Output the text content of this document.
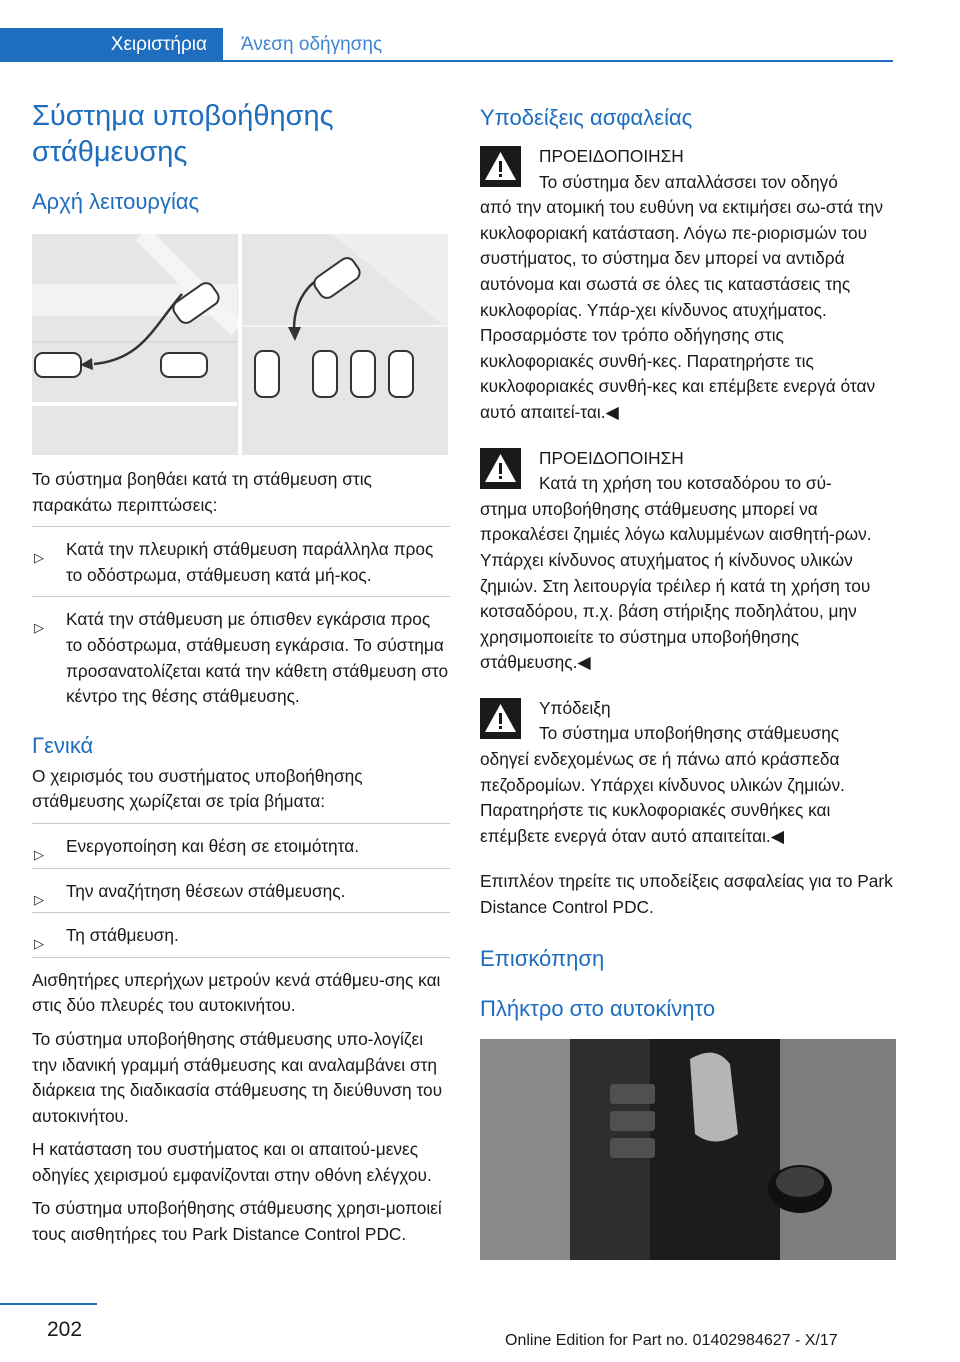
Χειριστήρια	Άνεση οδήγησης
Σύστημα υποβοήθησης στάθμευσης
Αρχή λειτουργίας

Το σύστημα βοηθάει κατά τη στάθμευση στις παρακάτω περιπτώσεις:

▷ Κατά την πλευρική στάθμευση παράλληλα προς το οδόστρωμα, στάθμευση κατά μή-κος.
▷ Κατά την στάθμευση με όπισθεν εγκάρσια προς το οδόστρωμα, στάθμευση εγκάρσια. Το σύστημα προσανατολίζεται κατά την κάθετη στάθμευση στο κέντρο της θέσης στάθμευσης.
Γενικά

Ο χειρισμός του συστήματος υποβοήθησης στάθμευσης χωρίζεται σε τρία βήματα:

▷ Ενεργοποίηση και θέση σε ετοιμότητα.
▷ Την αναζήτηση θέσεων στάθμευσης.
▷ Τη στάθμευση.

Αισθητήρες υπερήχων μετρούν κενά στάθμευ-σης και στις δύο πλευρές του αυτοκινήτου.

Το σύστημα υποβοήθησης στάθμευσης υπο-λογίζει την ιδανική γραμμή στάθμευσης και αναλαμβάνει στη διάρκεια της διαδικασία στάθμευσης τη διεύθυνση του αυτοκινήτου.

Η κατάσταση του συστήματος και οι απαιτού-μενες οδηγίες χειρισμού εμφανίζονται στην οθόνη ελέγχου.

Το σύστημα υποβοήθησης στάθμευσης χρησι-μοποιεί τους αισθητήρες του Park Distance Control PDC.

Υποδείξεις ασφαλείας
ΠΡΟΕΙΔΟΠΟΙΗΣΗ
Το σύστημα δεν απαλλάσσει τον οδηγό

από την ατομική του ευθύνη να εκτιμήσει σω-στά την κυκλοφοριακή κατάσταση. Λόγω πε-ριορισμών του συστήματος, το σύστημα δεν μπορεί να αντιδρά αυτόνομα και σωστά σε όλες τις καταστάσεις της κυκλοφορίας. Υπάρ-χει κίνδυνος ατυχήματος. Προσαρμόστε τον τρόπο οδήγησης στις κυκλοφοριακές συνθή-κες. Παρατηρήστε τις κυκλοφοριακές συνθή-κες και επέμβετε ενεργά όταν αυτό απαιτεί-ται.◀

ΠΡΟΕΙΔΟΠΟΙΗΣΗ
Κατά τη χρήση του κοτσαδόρου το σύ-

στημα υποβοήθησης στάθμευσης μπορεί να προκαλέσει ζημιές λόγω καλυμμένων αισθητή-ρων. Υπάρχει κίνδυνος ατυχήματος ή κίνδυνος υλικών ζημιών. Στη λειτουργία τρέιλερ ή κατά τη χρήση του κοτσαδόρου, π.χ. βάση στήριξης ποδηλάτου, μην χρησιμοποιείτε το σύστημα υποβοήθησης στάθμευσης.◀

Υπόδειξη
Το σύστημα υποβοήθησης στάθμευσης

οδηγεί ενδεχομένως σε ή πάνω από κράσπεδα πεζοδρομίων. Υπάρχει κίνδυνος υλικών ζημιών. Παρατηρήστε τις κυκλοφοριακές συνθήκες και επέμβετε ενεργά όταν αυτό απαιτείται.◀

Επιπλέον τηρείτε τις υποδείξεις ασφαλείας για το Park Distance Control PDC.

Επισκόπηση
Πλήκτρο στο αυτοκίνητο
202	Online Edition for Part no. 01402984627 - X/17
